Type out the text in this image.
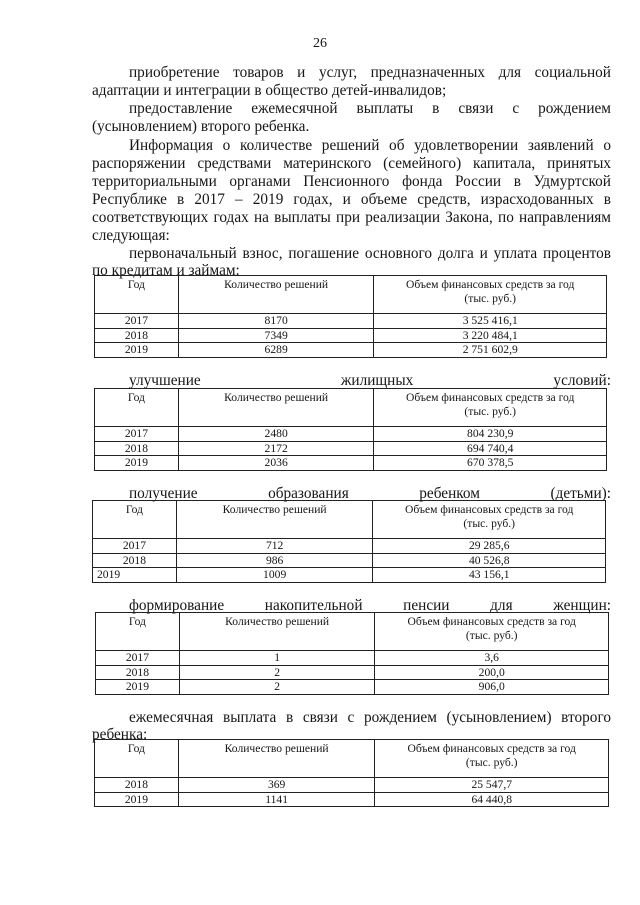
26
приобретение товаров и услуг, предназначенных для социальной
адаптации и интеграции в общество детей-инвалидов;
предоставление ежемесячной выплаты в связи с рождением
(усыновлением) второго ребенка.
Информация о количестве решений об удовлетворении заявлений о
распоряжении средствами материнского (семейного) капитала, принятых
территориальными органами Пенсионного фонда России в Удмуртской
Республике в 2017 – 2019 годах, и объеме средств, израсходованных в
соответствующих годах на выплаты при реализации Закона, по направлениям
следующая:
первоначальный взнос, погашение основного долга и уплата процентов
по кредитам и займам:
Год	Количество решений	Объем финансовых средств за год
(тыс. руб.)

2017	8170	3 525 416,1
2018	7349	3 220 484,1
2019	6289	2 751 602,9
улучшение жилищных условий:
Год	Количество решений	Объем финансовых средств за год
(тыс. руб.)

2017	2480	804 230,9
2018	2172	694 740,4
2019	2036	670 378,5
получение образования ребенком (детьми):
Год	Количество решений	Объем финансовых средств за год
(тыс. руб.)

2017	712	29 285,6
2018	986	40 526,8
2019	1009	43 156,1
формирование накопительной пенсии для женщин:
Год	Количество решений	Объем финансовых средств за год
(тыс. руб.)

2017	1	3,6
2018	2	200,0
2019	2	906,0
ежемесячная выплата в связи с рождением (усыновлением) второго
ребенка:
Год	Количество решений	Объем финансовых средств за год
(тыс. руб.)

2018	369	25 547,7
2019	1141	64 440,8
